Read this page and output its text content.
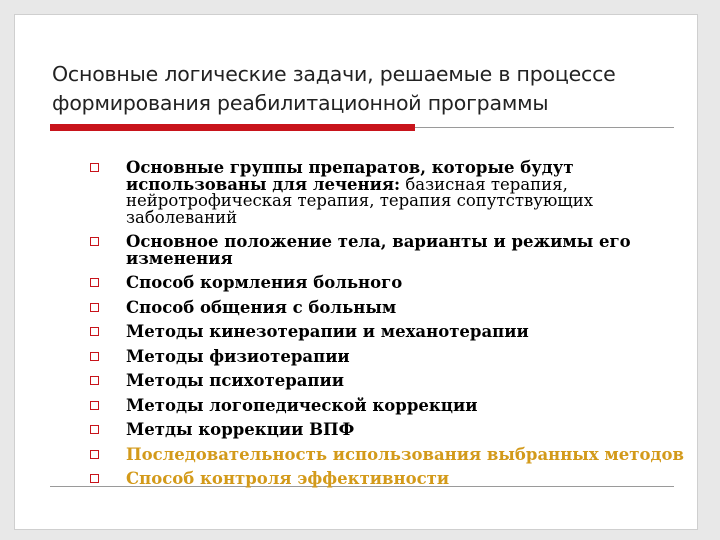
Основные логические задачи, решаемые в процессе
формирования реабилитационной программы
Основные группы препаратов, которые будут использованы для лечения: базисная терапия, нейротрофическая терапия, терапия сопутствующих заболеваний
Основное положение тела, варианты и режимы его изменения
Способ кормления больного
Способ общения с больным
Методы кинезотерапии и механотерапии
Методы физиотерапии
Методы психотерапии
Методы логопедической коррекции
Метды коррекции ВПФ
Последовательность использования выбранных методов
Способ контроля эффективности
